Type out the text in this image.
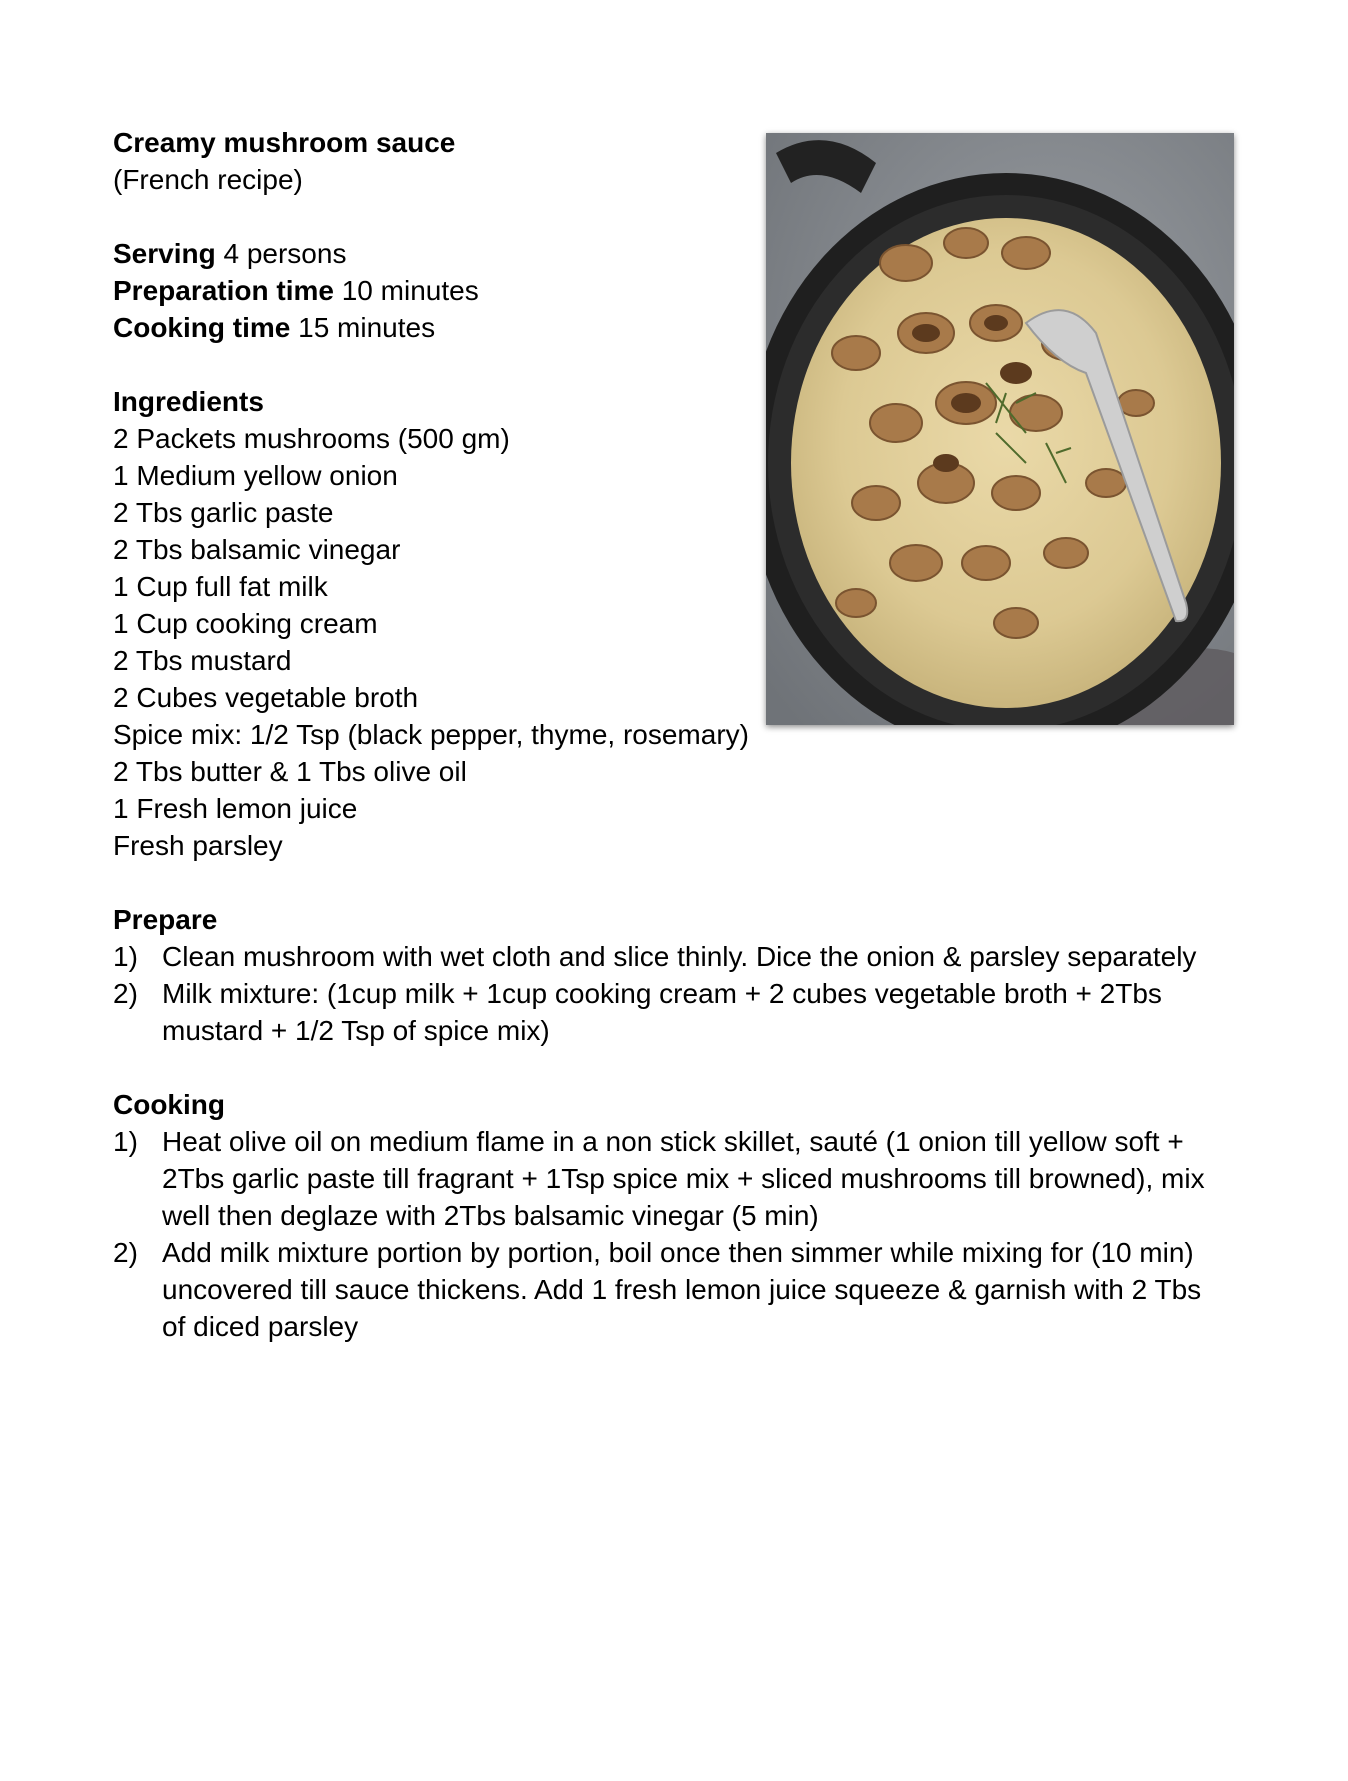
Creamy mushroom sauce
(French recipe)
Serving 4 persons
Preparation time 10 minutes
Cooking time 15 minutes
Ingredients
2 Packets mushrooms (500 gm)
1 Medium yellow onion
2 Tbs garlic paste
2 Tbs balsamic vinegar
1 Cup full fat milk
1 Cup cooking cream
2 Tbs mustard
2 Cubes vegetable broth
Spice mix: 1/2 Tsp (black pepper, thyme, rosemary)
2 Tbs butter & 1 Tbs olive oil
1 Fresh lemon juice
Fresh parsley
Prepare
1) Clean mushroom with wet cloth and slice thinly. Dice the onion & parsley separately
2) Milk mixture: (1cup milk + 1cup cooking cream + 2 cubes vegetable broth + 2Tbs mustard + 1/2 Tsp of spice mix)
Cooking
1) Heat olive oil on medium flame in a non stick skillet, sauté (1 onion till yellow soft + 2Tbs garlic paste till fragrant + 1Tsp spice mix + sliced mushrooms till browned), mix well then deglaze with 2Tbs balsamic vinegar (5 min)
2) Add milk mixture portion by portion, boil once then simmer while mixing for (10 min) uncovered till sauce thickens. Add 1 fresh lemon juice squeeze & garnish with 2 Tbs of diced parsley
